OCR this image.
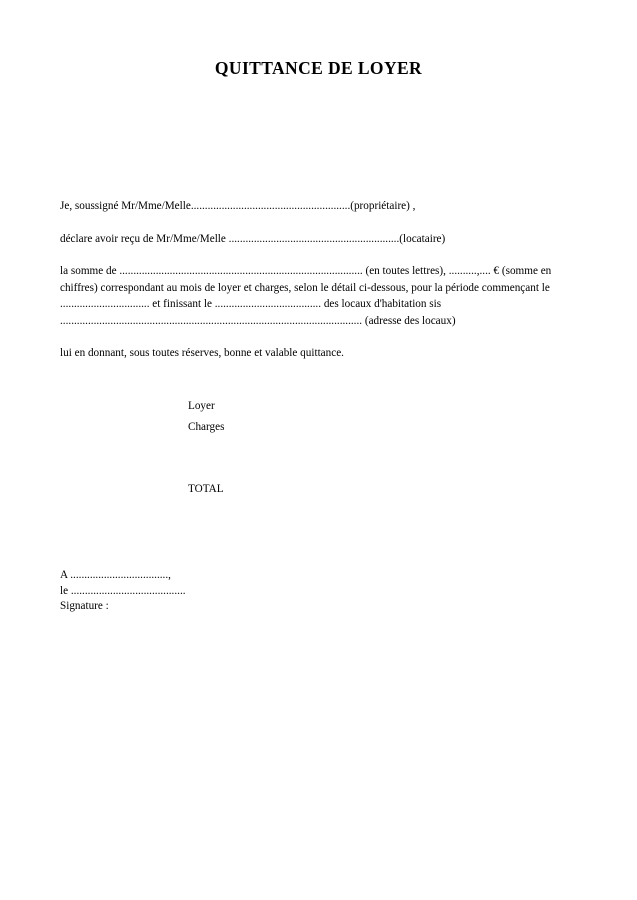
QUITTANCE DE LOYER

Je, soussigné Mr/Mme/Melle.........................................................(propriétaire) ,

déclare avoir reçu de Mr/Mme/Melle .............................................................(locataire)

la somme de ....................................................................................... (en toutes lettres), ..........,.... € (somme en chiffres) correspondant au mois de loyer et charges, selon le détail ci-dessous, pour la période commençant le ................................ et finissant le ...................................... des locaux d'habitation sis ............................................................................................................ (adresse des locaux)

lui en donnant, sous toutes réserves, bonne et valable quittance.

Loyer
Charges
TOTAL
A ...................................,
le .........................................
Signature :
